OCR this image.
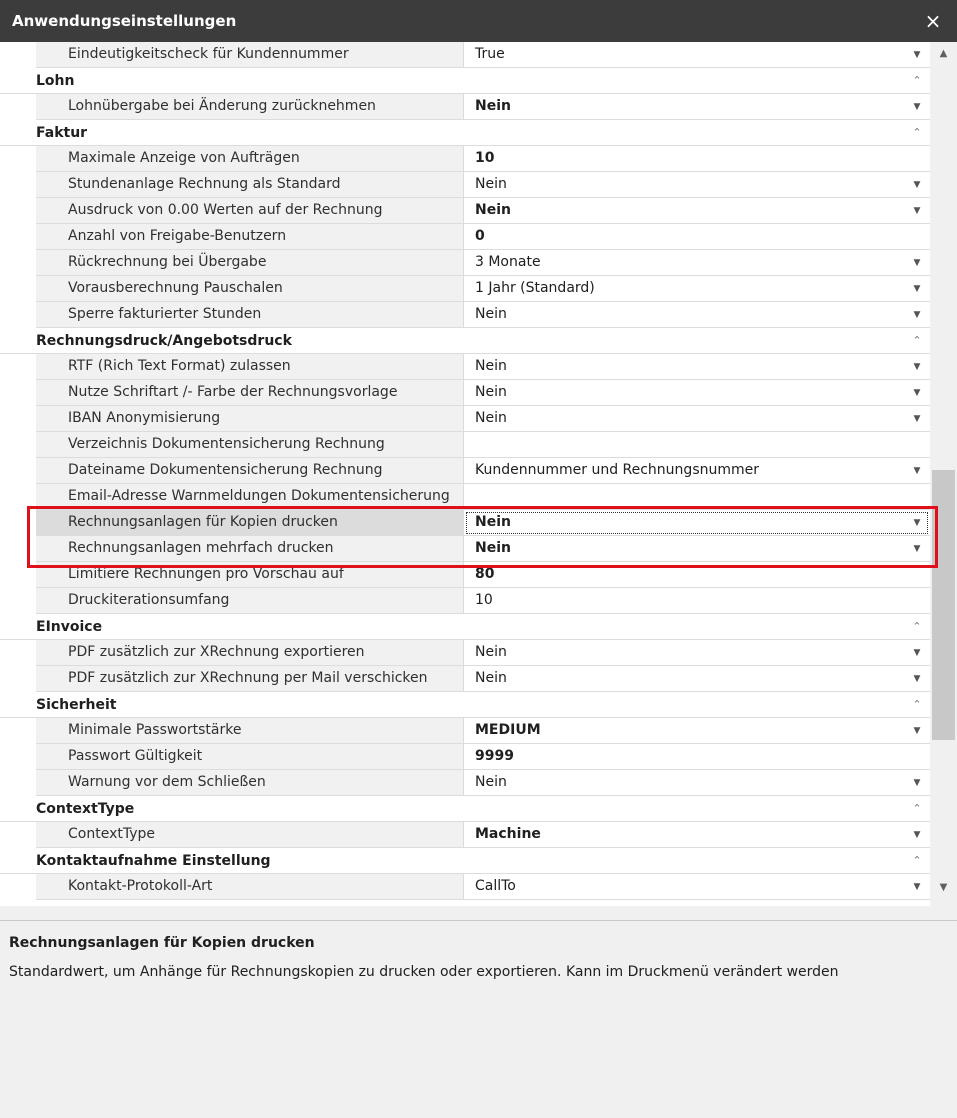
Anwendungseinstellungen	×
Eindeutigkeitscheck für Kundennummer	True	▼
Lohn	⌃
Lohnübergabe bei Änderung zurücknehmen	Nein	▼
Faktur	⌃
Maximale Anzeige von Aufträgen	10
Stundenanlage Rechnung als Standard	Nein	▼
Ausdruck von 0.00 Werten auf der Rechnung	Nein	▼
Anzahl von Freigabe-Benutzern	0
Rückrechnung bei Übergabe	3 Monate	▼
Vorausberechnung Pauschalen	1 Jahr (Standard)	▼
Sperre fakturierter Stunden	Nein	▼
Rechnungsdruck/Angebotsdruck	⌃
RTF (Rich Text Format) zulassen	Nein	▼
Nutze Schriftart /- Farbe der Rechnungsvorlage	Nein	▼
IBAN Anonymisierung	Nein	▼
Verzeichnis Dokumentensicherung Rechnung
Dateiname Dokumentensicherung Rechnung	Kundennummer und Rechnungsnummer	▼
Email-Adresse Warnmeldungen Dokumentensicherung
Rechnungsanlagen für Kopien drucken	Nein	▼
Rechnungsanlagen mehrfach drucken	Nein	▼
Limitiere Rechnungen pro Vorschau auf	80
Druckiterationsumfang	10
EInvoice	⌃
PDF zusätzlich zur XRechnung exportieren	Nein	▼
PDF zusätzlich zur XRechnung per Mail verschicken	Nein	▼
Sicherheit	⌃
Minimale Passwortstärke	MEDIUM	▼
Passwort Gültigkeit	9999
Warnung vor dem Schließen	Nein	▼
ContextType	⌃
ContextType	Machine	▼
Kontaktaufnahme Einstellung	⌃
Kontakt-Protokoll-Art	CallTo	▼
▲
▼
Rechnungsanlagen für Kopien drucken
Standardwert, um Anhänge für Rechnungskopien zu drucken oder exportieren. Kann im Druckmenü verändert werden
